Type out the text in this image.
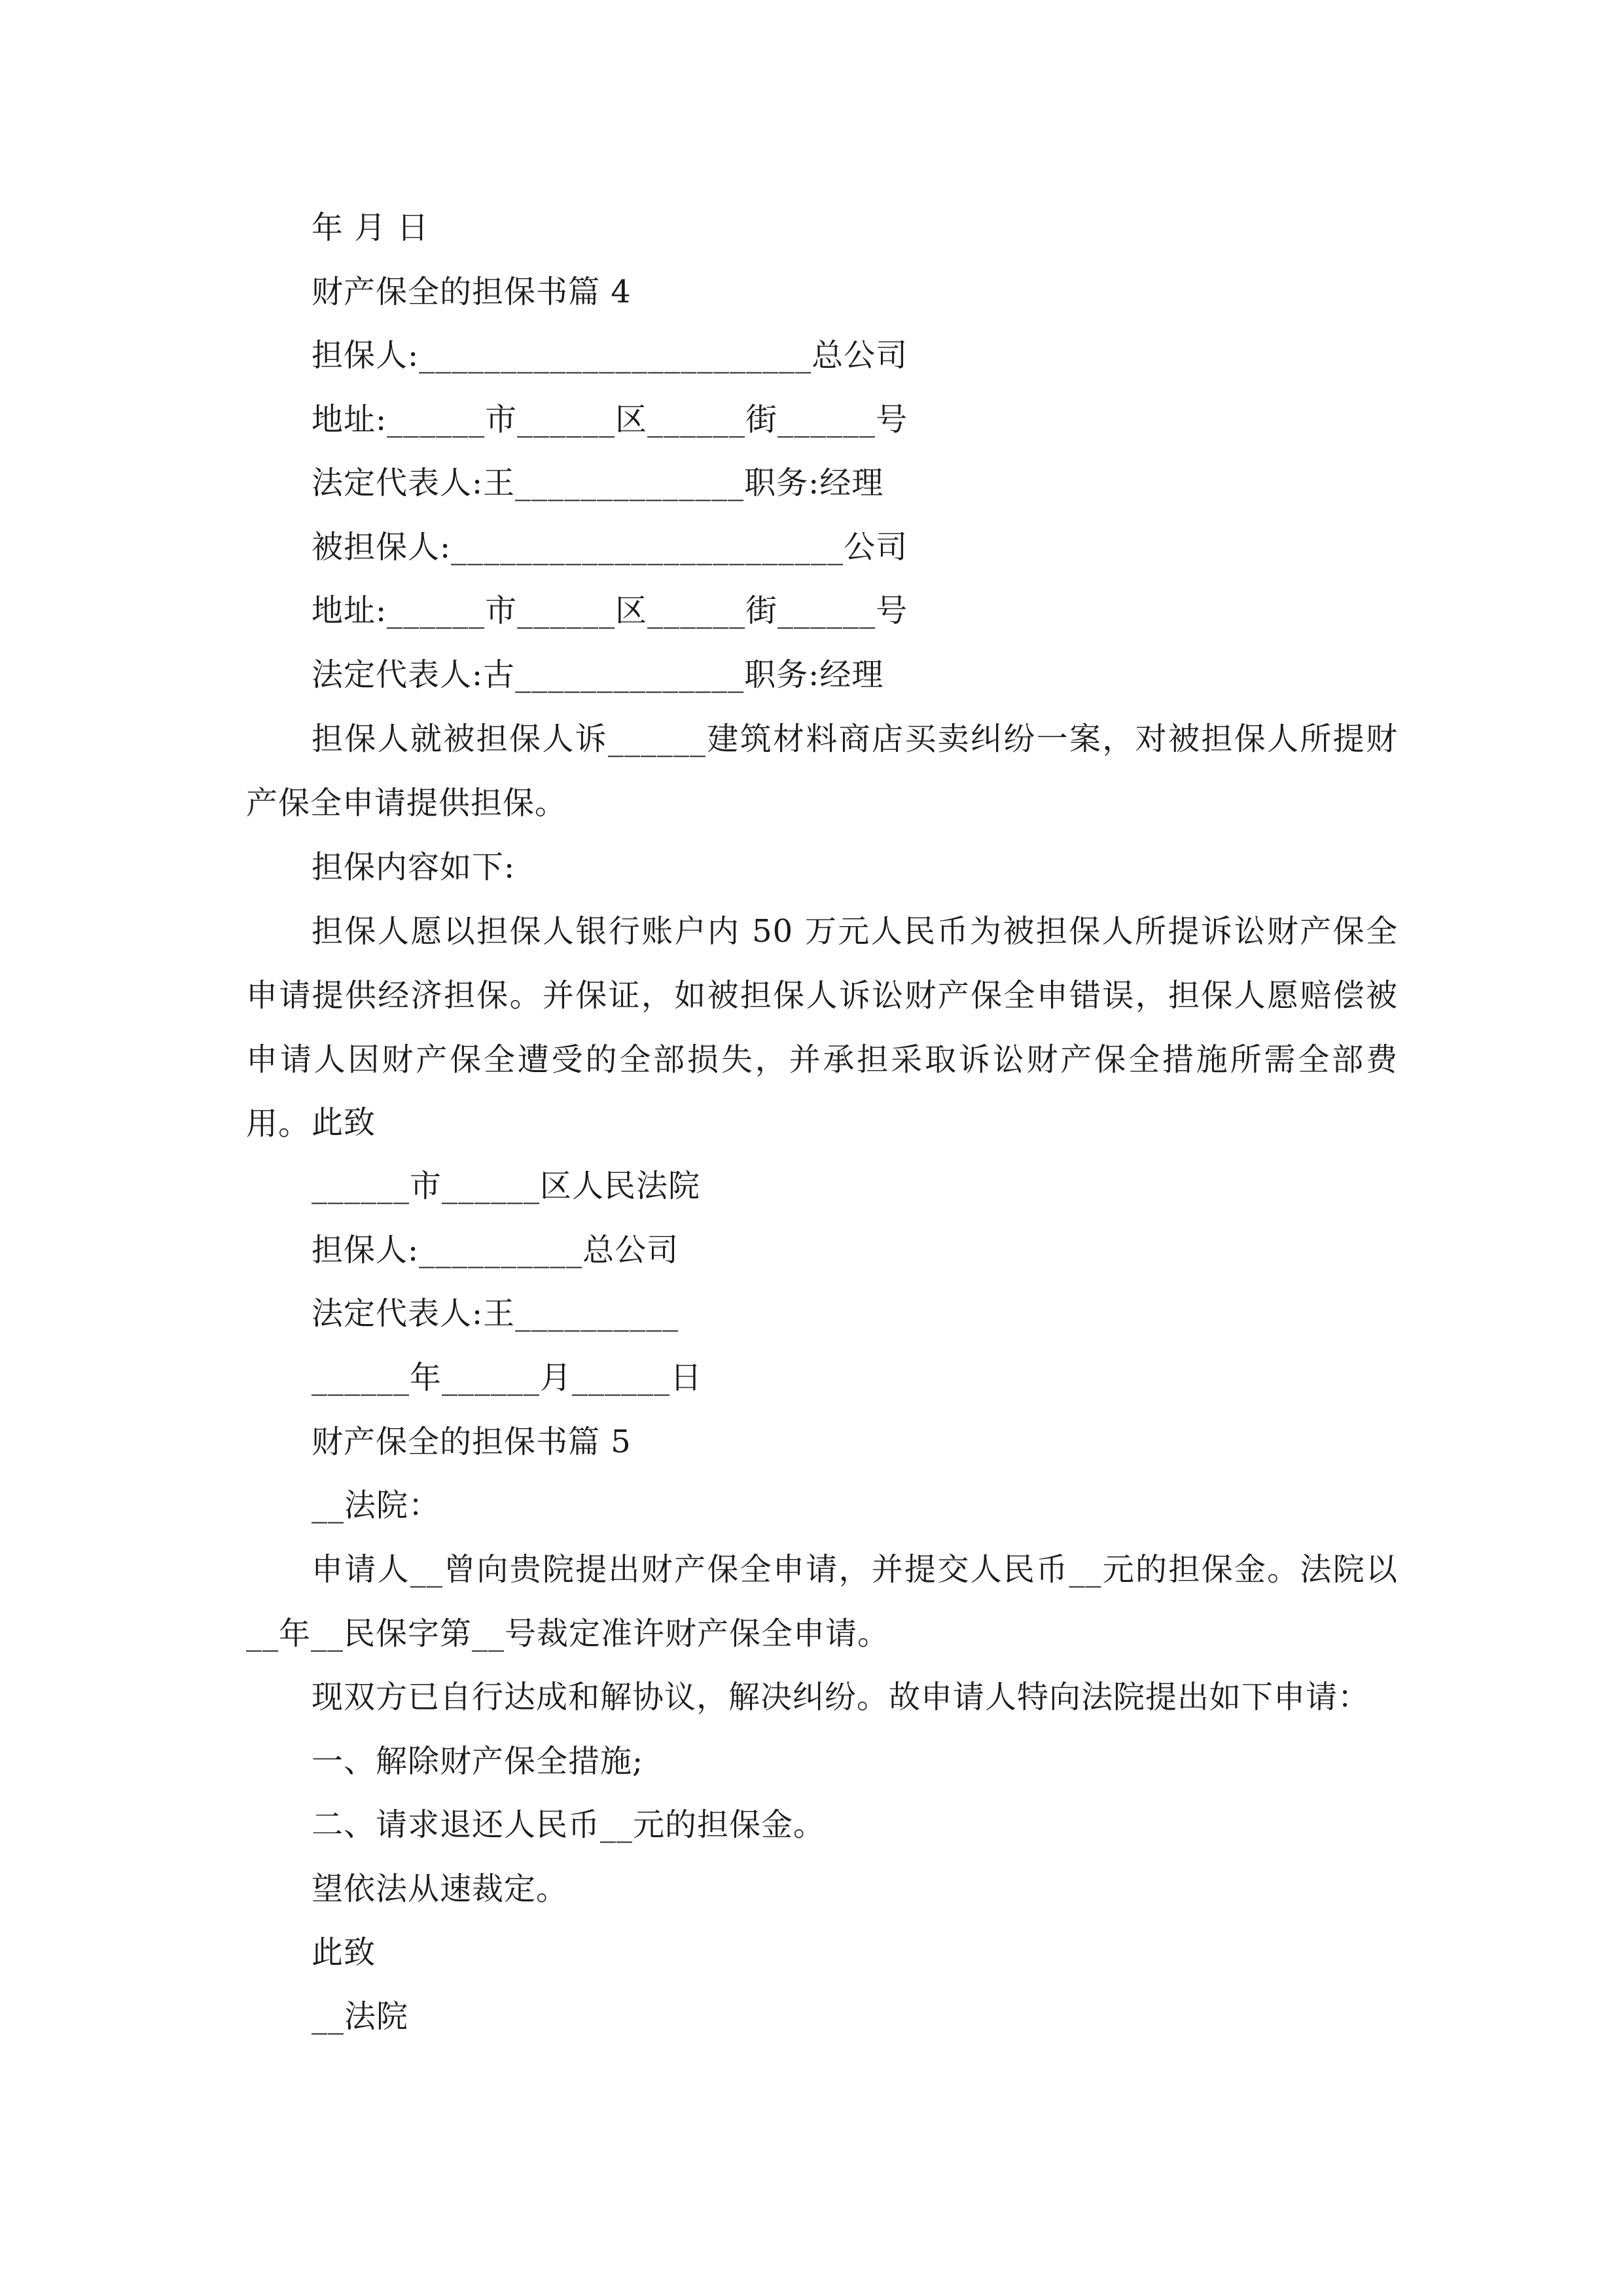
年 月 日
财产保全的担保书篇 4
担保人:________________________总公司
地址:______市______区______街______号
法定代表人:王______________职务:经理
被担保人:________________________公司
地址:______市______区______街______号
法定代表人:古______________职务:经理
担保人就被担保人诉______建筑材料商店买卖纠纷一案，对被担保人所提财产保全申请提供担保。
担保内容如下:
担保人愿以担保人银行账户内 50 万元人民币为被担保人所提诉讼财产保全申请提供经济担保。并保证，如被担保人诉讼财产保全申错误，担保人愿赔偿被申请人因财产保全遭受的全部损失，并承担采取诉讼财产保全措施所需全部费用。 此致
______市______区人民法院
担保人:__________总公司
法定代表人:王__________
______年______月______日
财产保全的担保书篇 5
__法院：
申请人__曾向贵院提出财产保全申请，并提交人民币__元的担保金。法院以__年__民保字第__号裁定准许财产保全申请。
现双方已自行达成和解协议，解决纠纷。故申请人特向法院提出如下申请：
一、解除财产保全措施;
二、请求退还人民币__元的担保金。
望依法从速裁定。
此致
__法院
